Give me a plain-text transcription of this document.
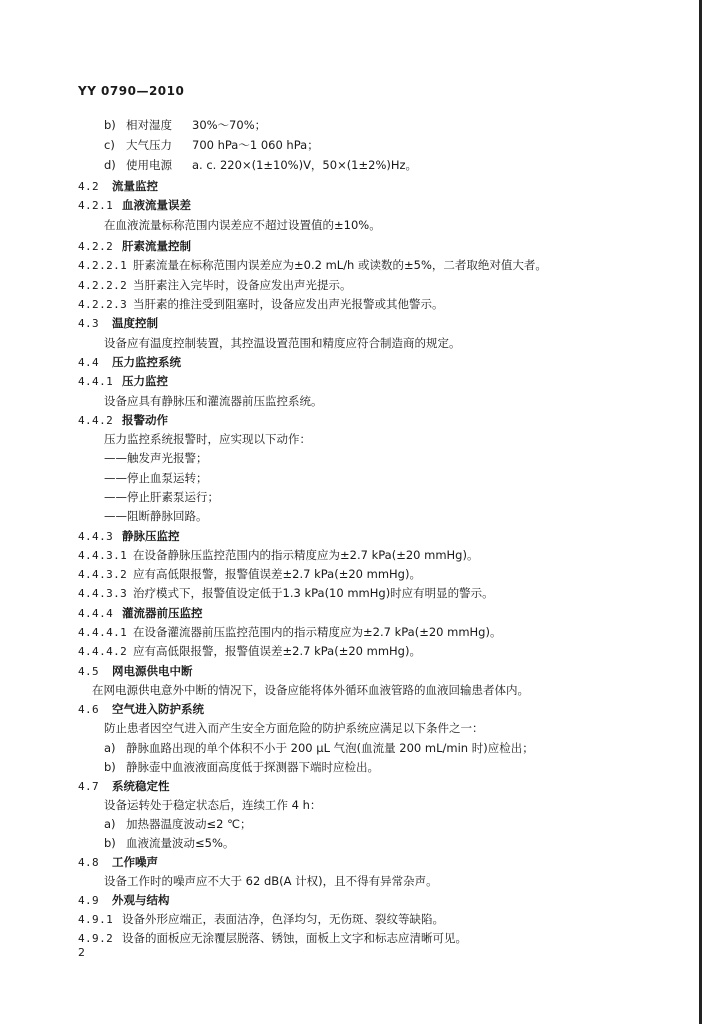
YY 0790—2010
b) 相对湿度 30%～70%；
c) 大气压力 700 hPa～1 060 hPa；
d) 使用电源 a. c. 220×(1±10%)V，50×(1±2%)Hz。
4.2 流量监控
4.2.1 血液流量误差
在血液流量标称范围内误差应不超过设置值的±10%。
4.2.2 肝素流量控制
4.2.2.1 肝素流量在标称范围内误差应为±0.2 mL/h 或读数的±5%，二者取绝对值大者。
4.2.2.2 当肝素注入完毕时，设备应发出声光提示。
4.2.2.3 当肝素的推注受到阻塞时，设备应发出声光报警或其他警示。
4.3 温度控制
设备应有温度控制装置，其控温设置范围和精度应符合制造商的规定。
4.4 压力监控系统
4.4.1 压力监控
设备应具有静脉压和灌流器前压监控系统。
4.4.2 报警动作
压力监控系统报警时，应实现以下动作：
——触发声光报警；
——停止血泵运转；
——停止肝素泵运行；
——阻断静脉回路。
4.4.3 静脉压监控
4.4.3.1 在设备静脉压监控范围内的指示精度应为±2.7 kPa(±20 mmHg)。
4.4.3.2 应有高低限报警，报警值误差±2.7 kPa(±20 mmHg)。
4.4.3.3 治疗模式下，报警值设定低于1.3 kPa(10 mmHg)时应有明显的警示。
4.4.4 灌流器前压监控
4.4.4.1 在设备灌流器前压监控范围内的指示精度应为±2.7 kPa(±20 mmHg)。
4.4.4.2 应有高低限报警，报警值误差±2.7 kPa(±20 mmHg)。
4.5 网电源供电中断
在网电源供电意外中断的情况下，设备应能将体外循环血液管路的血液回输患者体内。
4.6 空气进入防护系统
防止患者因空气进入而产生安全方面危险的防护系统应满足以下条件之一：
a) 静脉血路出现的单个体积不小于 200 μL 气泡(血流量 200 mL/min 时)应检出；
b) 静脉壶中血液液面高度低于探测器下端时应检出。
4.7 系统稳定性
设备运转处于稳定状态后，连续工作 4 h：
a) 加热器温度波动≤2 ℃；
b) 血液流量波动≤5%。
4.8 工作噪声
设备工作时的噪声应不大于 62 dB(A 计权)，且不得有异常杂声。
4.9 外观与结构
4.9.1 设备外形应端正，表面洁净，色泽均匀，无伤斑、裂纹等缺陷。
4.9.2 设备的面板应无涂覆层脱落、锈蚀，面板上文字和标志应清晰可见。
2
